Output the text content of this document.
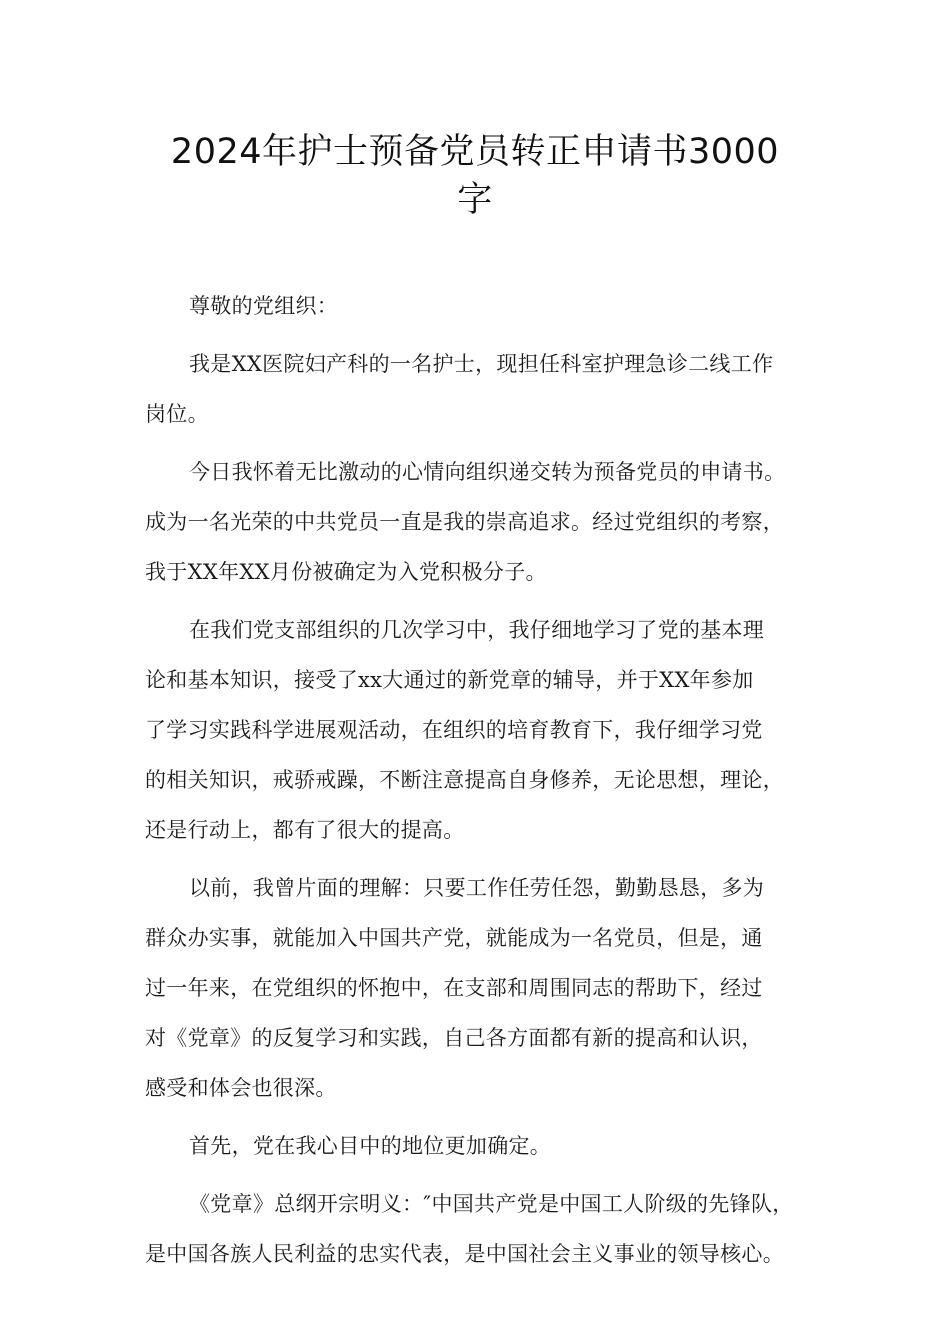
2024年护士预备党员转正申请书3000
字

尊敬的党组织：

我是XX医院妇产科的一名护士，现担任科室护理急诊二线工作
岗位。

今日我怀着无比激动的心情向组织递交转为预备党员的申请书。
成为一名光荣的中共党员一直是我的崇高追求。经过党组织的考察，
我于XX年XX月份被确定为入党积极分子。

在我们党支部组织的几次学习中，我仔细地学习了党的基本理
论和基本知识，接受了xx大通过的新党章的辅导，并于XX年参加
了学习实践科学进展观活动，在组织的培育教育下，我仔细学习党
的相关知识，戒骄戒躁，不断注意提高自身修养，无论思想，理论，
还是行动上，都有了很大的提高。

以前，我曾片面的理解：只要工作任劳任怨，勤勤恳恳，多为
群众办实事，就能加入中国共产党，就能成为一名党员，但是，通
过一年来，在党组织的怀抱中，在支部和周围同志的帮助下，经过
对《党章》的反复学习和实践，自己各方面都有新的提高和认识，
感受和体会也很深。

首先，党在我心目中的地位更加确定。

《党章》总纲开宗明义：″中国共产党是中国工人阶级的先锋队，
是中国各族人民利益的忠实代表，是中国社会主义事业的领导核心。
